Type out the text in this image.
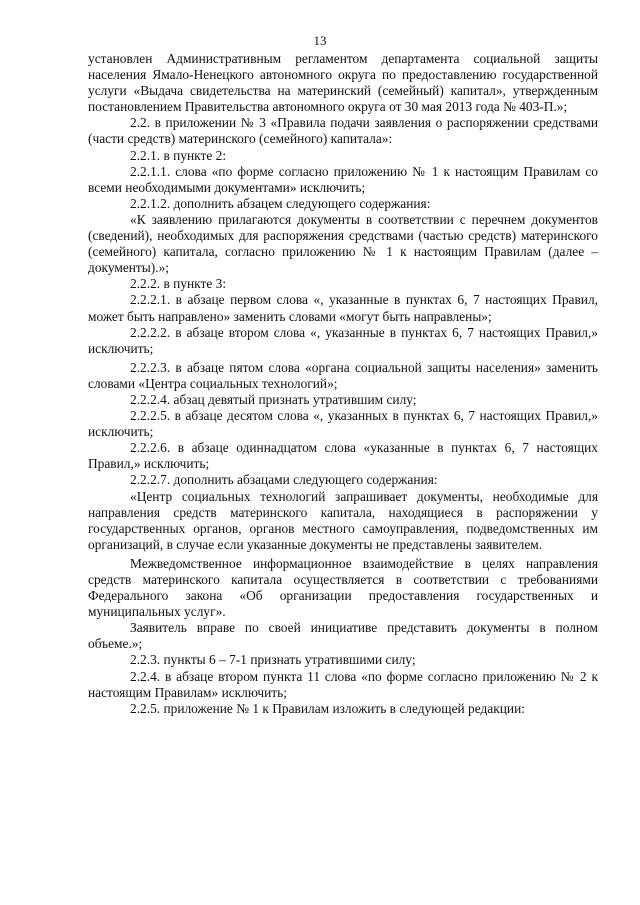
13

установлен Административным регламентом департамента социальной защиты населения Ямало-Ненецкого автономного округа по предоставлению государственной услуги «Выдача свидетельства на материнский (семейный) капитал», утвержденным постановлением Правительства автономного округа от 30 мая 2013 года № 403-П.»;

2.2. в приложении № 3 «Правила подачи заявления о распоряжении средствами (части средств) материнского (семейного) капитала»:

2.2.1. в пункте 2:

2.2.1.1. слова «по форме согласно приложению № 1 к настоящим Правилам со всеми необходимыми документами» исключить;

2.2.1.2. дополнить абзацем следующего содержания:

«К заявлению прилагаются документы в соответствии с перечнем документов (сведений), необходимых для распоряжения средствами (частью средств) материнского (семейного) капитала, согласно приложению № 1 к настоящим Правилам (далее – документы).»;

2.2.2. в пункте 3:

2.2.2.1. в абзаце первом слова «, указанные в пунктах 6, 7 настоящих Правил, может быть направлено» заменить словами «могут быть направлены»;

2.2.2.2. в абзаце втором слова «, указанные в пунктах 6, 7 настоящих Правил,» исключить;

2.2.2.3. в абзаце пятом слова «органа социальной защиты населения» заменить словами «Центра социальных технологий»;

2.2.2.4. абзац девятый признать утратившим силу;

2.2.2.5. в абзаце десятом слова «, указанных в пунктах 6, 7 настоящих Правил,» исключить;

2.2.2.6. в абзаце одиннадцатом слова «указанные в пунктах 6, 7 настоящих Правил,» исключить;

2.2.2.7. дополнить абзацами следующего содержания:

«Центр социальных технологий запрашивает документы, необходимые для направления средств материнского капитала, находящиеся в распоряжении у государственных органов, органов местного самоуправления, подведомственных им организаций, в случае если указанные документы не представлены заявителем.

Межведомственное информационное взаимодействие в целях направления средств материнского капитала осуществляется в соответствии с требованиями Федерального закона «Об организации предоставления государственных и муниципальных услуг».

Заявитель вправе по своей инициативе представить документы в полном объеме.»;

2.2.3. пункты 6 – 7-1 признать утратившими силу;

2.2.4. в абзаце втором пункта 11 слова «по форме согласно приложению № 2 к настоящим Правилам» исключить;

2.2.5. приложение № 1 к Правилам изложить в следующей редакции:
